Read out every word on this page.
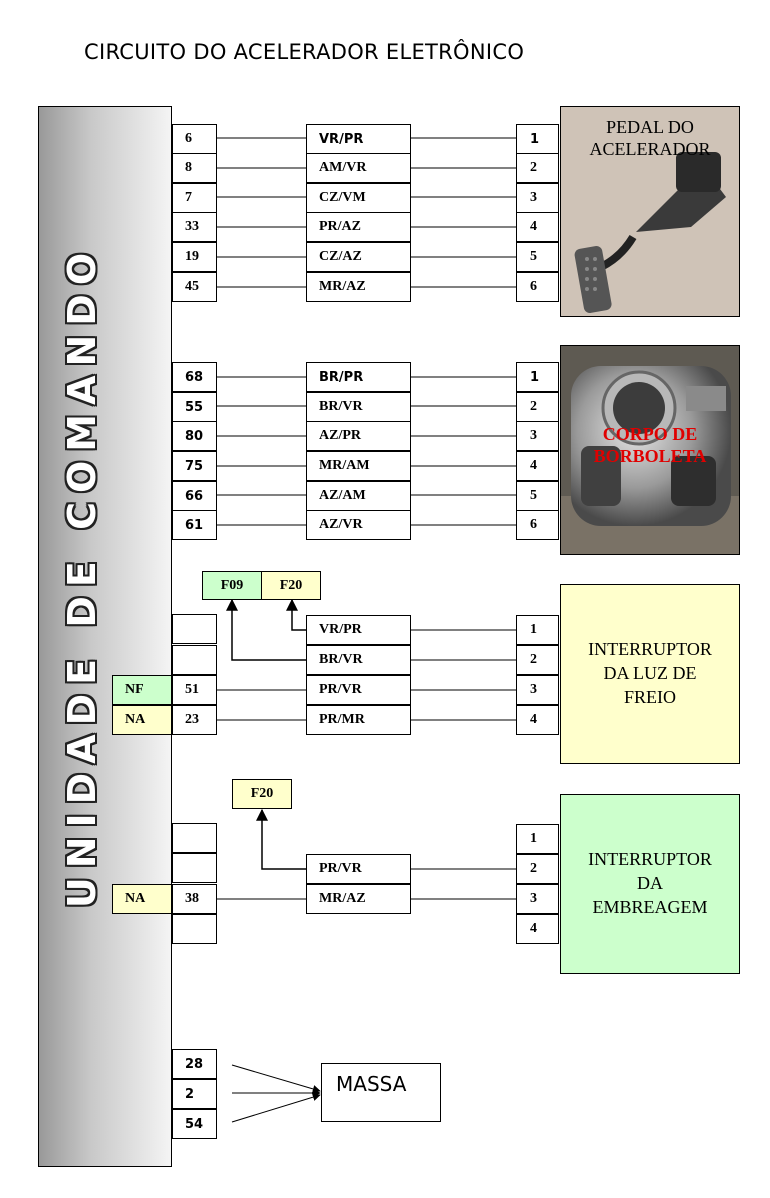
CIRCUITO DO ACELERADOR ELETRÔNICO
UNIDADE DE COMANDO
6
8
7
33
19
45
VR/PR
AM/VR
CZ/VM
PR/AZ
CZ/AZ
MR/AZ
1
2
3
4
5
6
PEDAL DO
ACELERADOR
68
55
80
75
66
61
BR/PR
BR/VR
AZ/PR
MR/AM
AZ/AM
AZ/VR
1
2
3
4
5
6
CORPO DE
BORBOLETA
F09	F20
51
23
NF
NA
VR/PR
BR/VR
PR/VR
PR/MR
1
2
3
4
INTERRUPTOR
DA LUZ DE
FREIO
F20
38
NA
PR/VR
MR/AZ
1
2
3
4
INTERRUPTOR
DA
EMBREAGEM
28
2
54
MASSA
